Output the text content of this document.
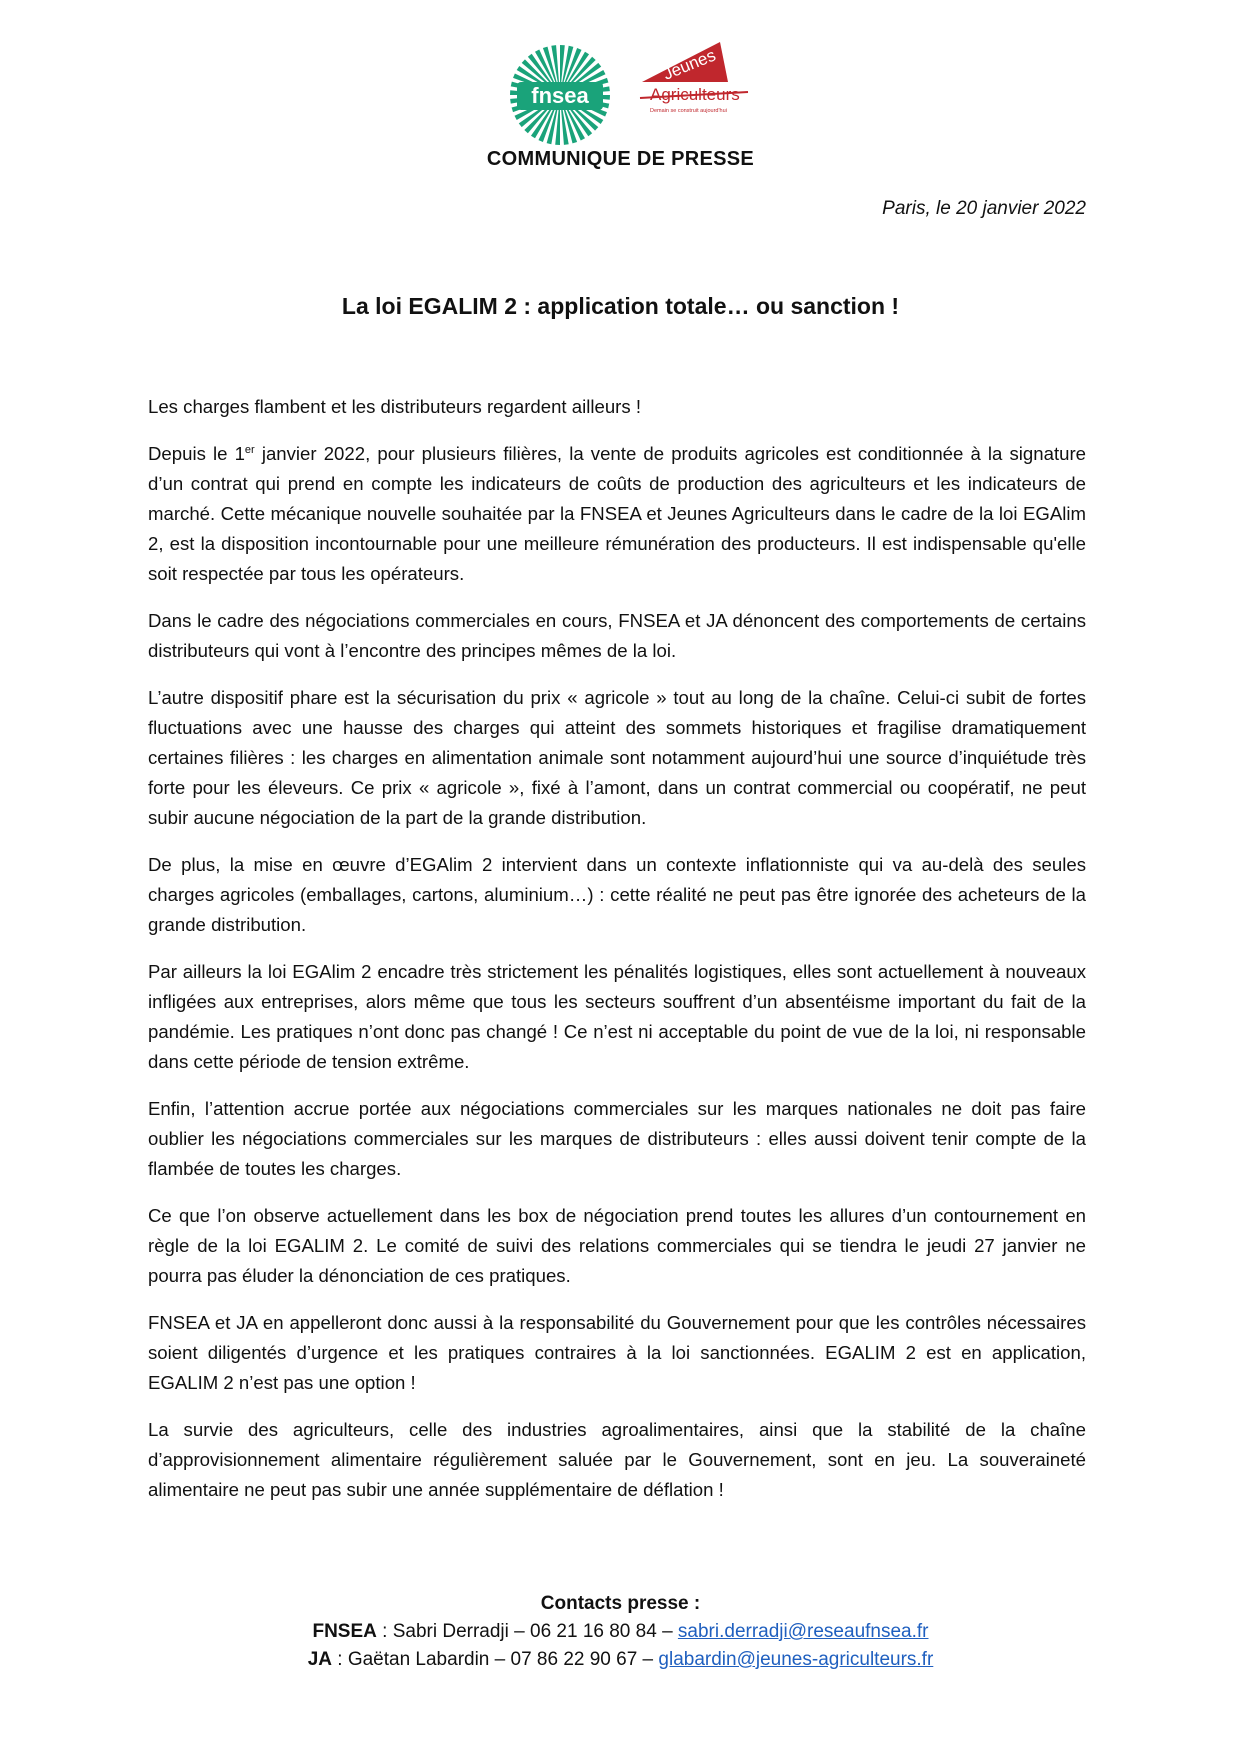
fnsea
Jeunes
Agriculteurs
Demain se construit aujourd'hui
COMMUNIQUE DE PRESSE
Paris, le 20 janvier 2022
La loi EGALIM 2 : application totale… ou sanction !

Les charges flambent et les distributeurs regardent ailleurs !

Depuis le 1er janvier 2022, pour plusieurs filières, la vente de produits agricoles est conditionnée à la signature d’un contrat qui prend en compte les indicateurs de coûts de production des agriculteurs et les indicateurs de marché. Cette mécanique nouvelle souhaitée par la FNSEA et Jeunes Agriculteurs dans le cadre de la loi EGAlim 2, est la disposition incontournable pour une meilleure rémunération des producteurs. Il est indispensable qu'elle soit respectée par tous les opérateurs.

Dans le cadre des négociations commerciales en cours, FNSEA et JA dénoncent des comportements de certains distributeurs qui vont à l’encontre des principes mêmes de la loi.

L’autre dispositif phare est la sécurisation du prix « agricole » tout au long de la chaîne. Celui-ci subit de fortes fluctuations avec une hausse des charges qui atteint des sommets historiques et fragilise dramatiquement certaines filières : les charges en alimentation animale sont notamment aujourd’hui une source d’inquiétude très forte pour les éleveurs. Ce prix « agricole », fixé à l’amont, dans un contrat commercial ou coopératif, ne peut subir aucune négociation de la part de la grande distribution.

De plus, la mise en œuvre d’EGAlim 2 intervient dans un contexte inflationniste qui va au-delà des seules charges agricoles (emballages, cartons, aluminium…) : cette réalité ne peut pas être ignorée des acheteurs de la grande distribution.

Par ailleurs la loi EGAlim 2 encadre très strictement les pénalités logistiques, elles sont actuellement à nouveaux infligées aux entreprises, alors même que tous les secteurs souffrent d’un absentéisme important du fait de la pandémie. Les pratiques n’ont donc pas changé ! Ce n’est ni acceptable du point de vue de la loi, ni responsable dans cette période de tension extrême.

Enfin, l’attention accrue portée aux négociations commerciales sur les marques nationales ne doit pas faire oublier les négociations commerciales sur les marques de distributeurs : elles aussi doivent tenir compte de la flambée de toutes les charges.

Ce que l’on observe actuellement dans les box de négociation prend toutes les allures d’un contournement en règle de la loi EGALIM 2. Le comité de suivi des relations commerciales qui se tiendra le jeudi 27 janvier ne pourra pas éluder la dénonciation de ces pratiques.

FNSEA et JA en appelleront donc aussi à la responsabilité du Gouvernement pour que les contrôles nécessaires soient diligentés d’urgence et les pratiques contraires à la loi sanctionnées. EGALIM 2 est en application, EGALIM 2 n’est pas une option !

La survie des agriculteurs, celle des industries agroalimentaires, ainsi que la stabilité de la chaîne d’approvisionnement alimentaire régulièrement saluée par le Gouvernement, sont en jeu. La souveraineté alimentaire ne peut pas subir une année supplémentaire de déflation !

Contacts presse :
FNSEA : Sabri Derradji – 06 21 16 80 84 – sabri.derradji@reseaufnsea.fr
JA : Gaëtan Labardin – 07 86 22 90 67 – glabardin@jeunes-agriculteurs.fr
